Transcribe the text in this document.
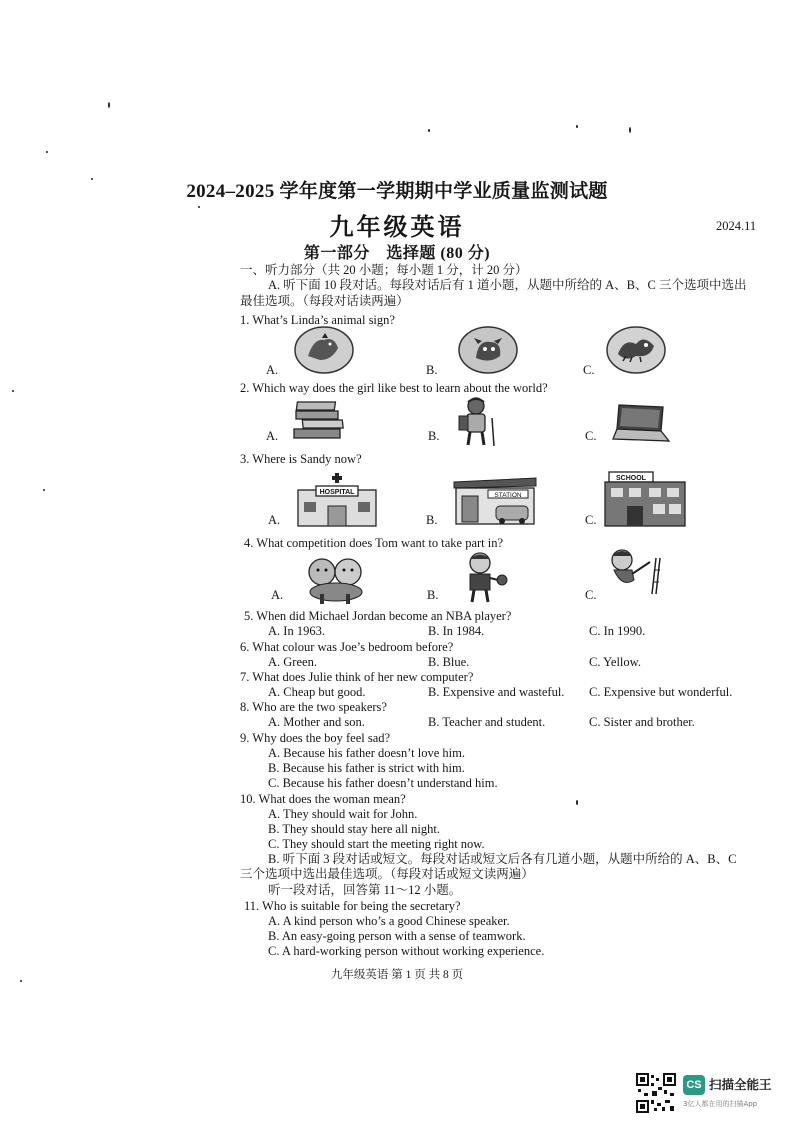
2024–2025 学年度第一学期期中学业质量监测试题
九年级英语	2024.11
第一部分　选择题 (80 分)
一、听力部分（共 20 小题；每小题 1 分，计 20 分）
A. 听下面 10 段对话。每段对话后有 1 道小题，从题中所给的 A、B、C 三个选项中选出
最佳选项。（每段对话读两遍）
1. What’s Linda’s animal sign?
A.	B.	C.
2. Which way does the girl like best to learn about the world?
A.	B.	C.
3. Where is Sandy now?
A.	B.	C.
HOSPITAL	STATION
SCHOOL
4. What competition does Tom want to take part in?
A.	B.	C.
5. When did Michael Jordan become an NBA player?
A. In 1963.	B. In 1984.	C. In 1990.
6. What colour was Joe’s bedroom before?
A. Green.	B. Blue.	C. Yellow.
7. What does Julie think of her new computer?
A. Cheap but good.	B. Expensive and wasteful. C. Expensive but wonderful.
8. Who are the two speakers?
A. Mother and son.	B. Teacher and student.	C. Sister and brother.
9. Why does the boy feel sad?
A. Because his father doesn’t love him.
B. Because his father is strict with him.
C. Because his father doesn’t understand him.
10. What does the woman mean?
A. They should wait for John.
B. They should stay here all night.
C. They should start the meeting right now.
B. 听下面 3 段对话或短文。每段对话或短文后各有几道小题，从题中所给的 A、B、C
三个选项中选出最佳选项。（每段对话或短文读两遍）
听一段对话，回答第 11～12 小题。
11. Who is suitable for being the secretary?
A. A kind person who’s a good Chinese speaker.
B. An easy-going person with a sense of teamwork.
C. A hard-working person without working experience.
九年级英语 第 1 页 共 8 页
CS 扫描全能王
3亿人都在用的扫描App
